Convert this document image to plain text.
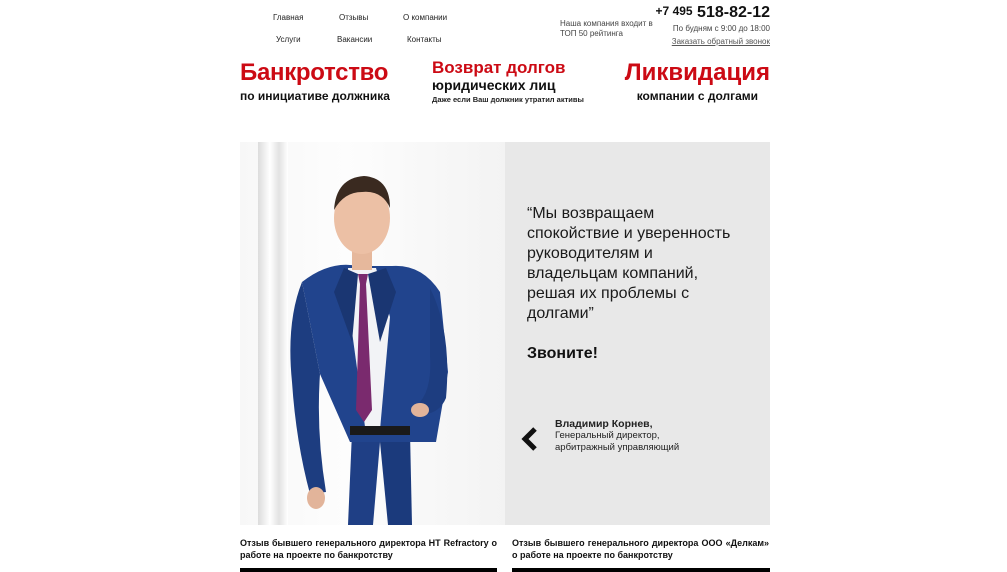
Главная	Отзывы	О компании
Услуги	Вакансии	Контакты
Наша компания входит в
ТОП 50 рейтинга
+7 495 518-82-12
По будням с 9:00 до 18:00
Заказать обратный звонок
Банкротство
по инициативе должника
Возврат долгов
юридических лиц
Даже если Ваш должник утратил активы
Ликвидация
компании с долгами
“Мы возвращаем
спокойствие и уверенность
руководителям и
владельцам компаний,
решая их проблемы с
долгами”
Звоните!
Владимир Корнев,
Генеральный директор,
арбитражный управляющий
Отзыв бывшего генерального директора НТ Refractory о работе на проекте по банкротству
Отзыв бывшего генерального директора ООО «Делкам» о работе на проекте по банкротству
